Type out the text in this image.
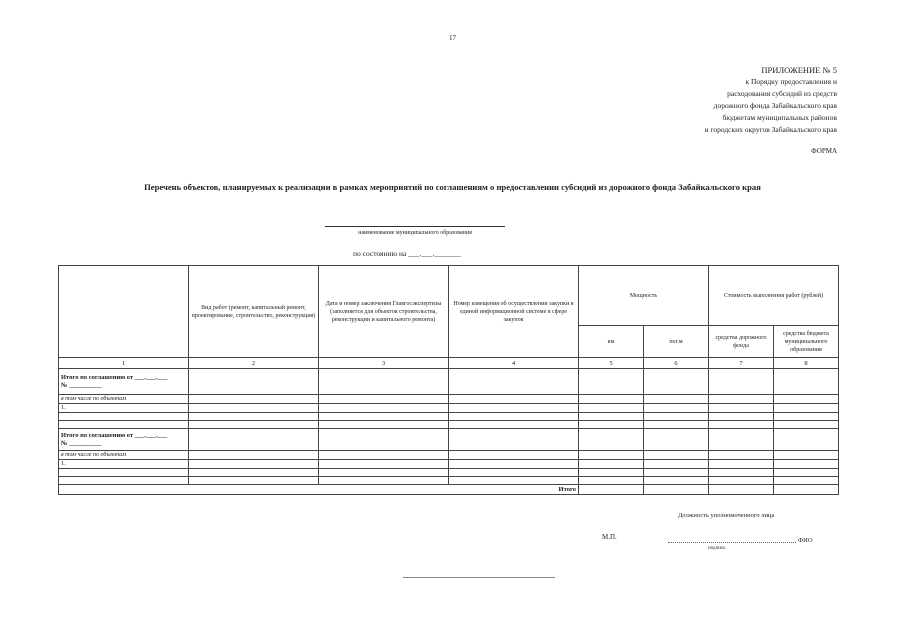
17
ПРИЛОЖЕНИЕ № 5
к Порядку предоставления и
расходования субсидий из средств
дорожного фонда Забайкальского края
бюджетам муниципальных районов
и городских округов Забайкальского края
ФОРМА
Перечень объектов, планируемых к реализации в рамках мероприятий по соглашениям о предоставлении субсидий из дорожного фонда Забайкальского края
наименование муниципального образования
по состоянию на ___.___._______
	Вид работ (ремонт, капитальный ремонт, проектирование, строительство, реконструкция)	Дата и номер заключения Главгосэкспертизы (заполняется для объектов строительства, реконструкции и капитального ремонта)	Номер извещения об осуществлении закупки в единой информационной системе в сфере закупок	Мощность		Стоимость выполнения работ (рублей)	
				км	пог.м	средства дорожного фонда	средства бюджета муниципального образования
1	2	3	4	5	6	7	8
Итого по соглашению от ___.___.___
№ __________							
в том числе по объектам							
1.							

Итого по соглашению от ___.___.___
№ __________							
в том числе по объектам							
1.							

Итого							
Должность уполномоченного лица
М.П.	ФИО
подпись
